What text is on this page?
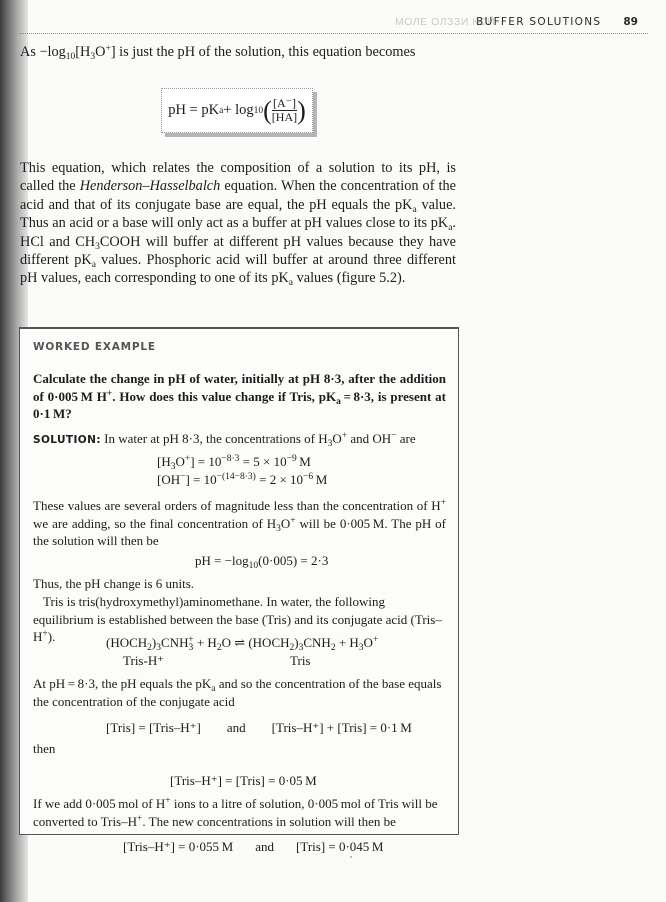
МОЛЕ ОЛЗЗИ КОЙ
BUFFER SOLUTIONS 89
$As -\log_{10}[H_3O^+]$ is just the pH of the solution, this equation becomes
pH = pK a + log 10 ( $\frac{[A^-]}{[HA]}$ )
This equation, which relates the composition of a solution to its pH, is called the Henderson–Hasselbalch equation. When the concentration of the acid and that of its conjugate base are equal, the pH equals the $pK_a$ value. Thus an acid or a base will only act as a buffer at pH values close to its $pK_a$. HCl and $CH_3COOH$ will buffer at different pH values because they have different $pK_a$ values. Phosphoric acid will buffer at around three different pH values, each corresponding to one of its $pK_a$ values (figure 5.2).
WORKED EXAMPLE
Calculate the change in pH of water, initially at pH 8·3, after the addition of 0·005 M H+. How does this value change if Tris, $pK_a = 8\cdot 3$, is present at 0·1 M?
SOLUTION: In water at pH 8·3, the concentrations of $H_3O^+$ and OH− are
$[H_3O^+] = 10^{-8\cdot 3} = 5 \times 10^{-9}$ M
$[OH^-] = 10^{-(14-8\cdot 3)} = 2 \times 10^{-6}$ M
These values are several orders of magnitude less than the concentration of H+ we are adding, so the final concentration of $H_3O^+$ will be 0·005 M. The pH of the solution will then be
pH = $-\log_{10}(0\cdot 005) = 2\cdot 3$
Thus, the pH change is 6 units.
Tris is tris(hydroxymethyl)aminomethane. In water, the following equilibrium is established between the base (Tris) and its conjugate acid (Tris–H+).	$(HOCH_2)_3CNH_3^+ + H_2O$ ⇌ $(HOCH_2)_3CNH_2 + H_3O^+$
Tris-H⁺	Tris
At pH = 8·3, the pH equals the $pK_a$ and so the concentration of the base equals the concentration of the conjugate acid
[Tris] = [Tris–H⁺] and [Tris–H⁺] + [Tris] = 0·1 M
then
[Tris–H⁺] = [Tris] = 0·05 M
If we add 0·005 mol of H+ ions to a litre of solution, 0·005 mol of Tris will be converted to Tris–H+. The new concentrations in solution will then be
[Tris–H⁺] = 0·055 M and [Tris] = 0·045 M
